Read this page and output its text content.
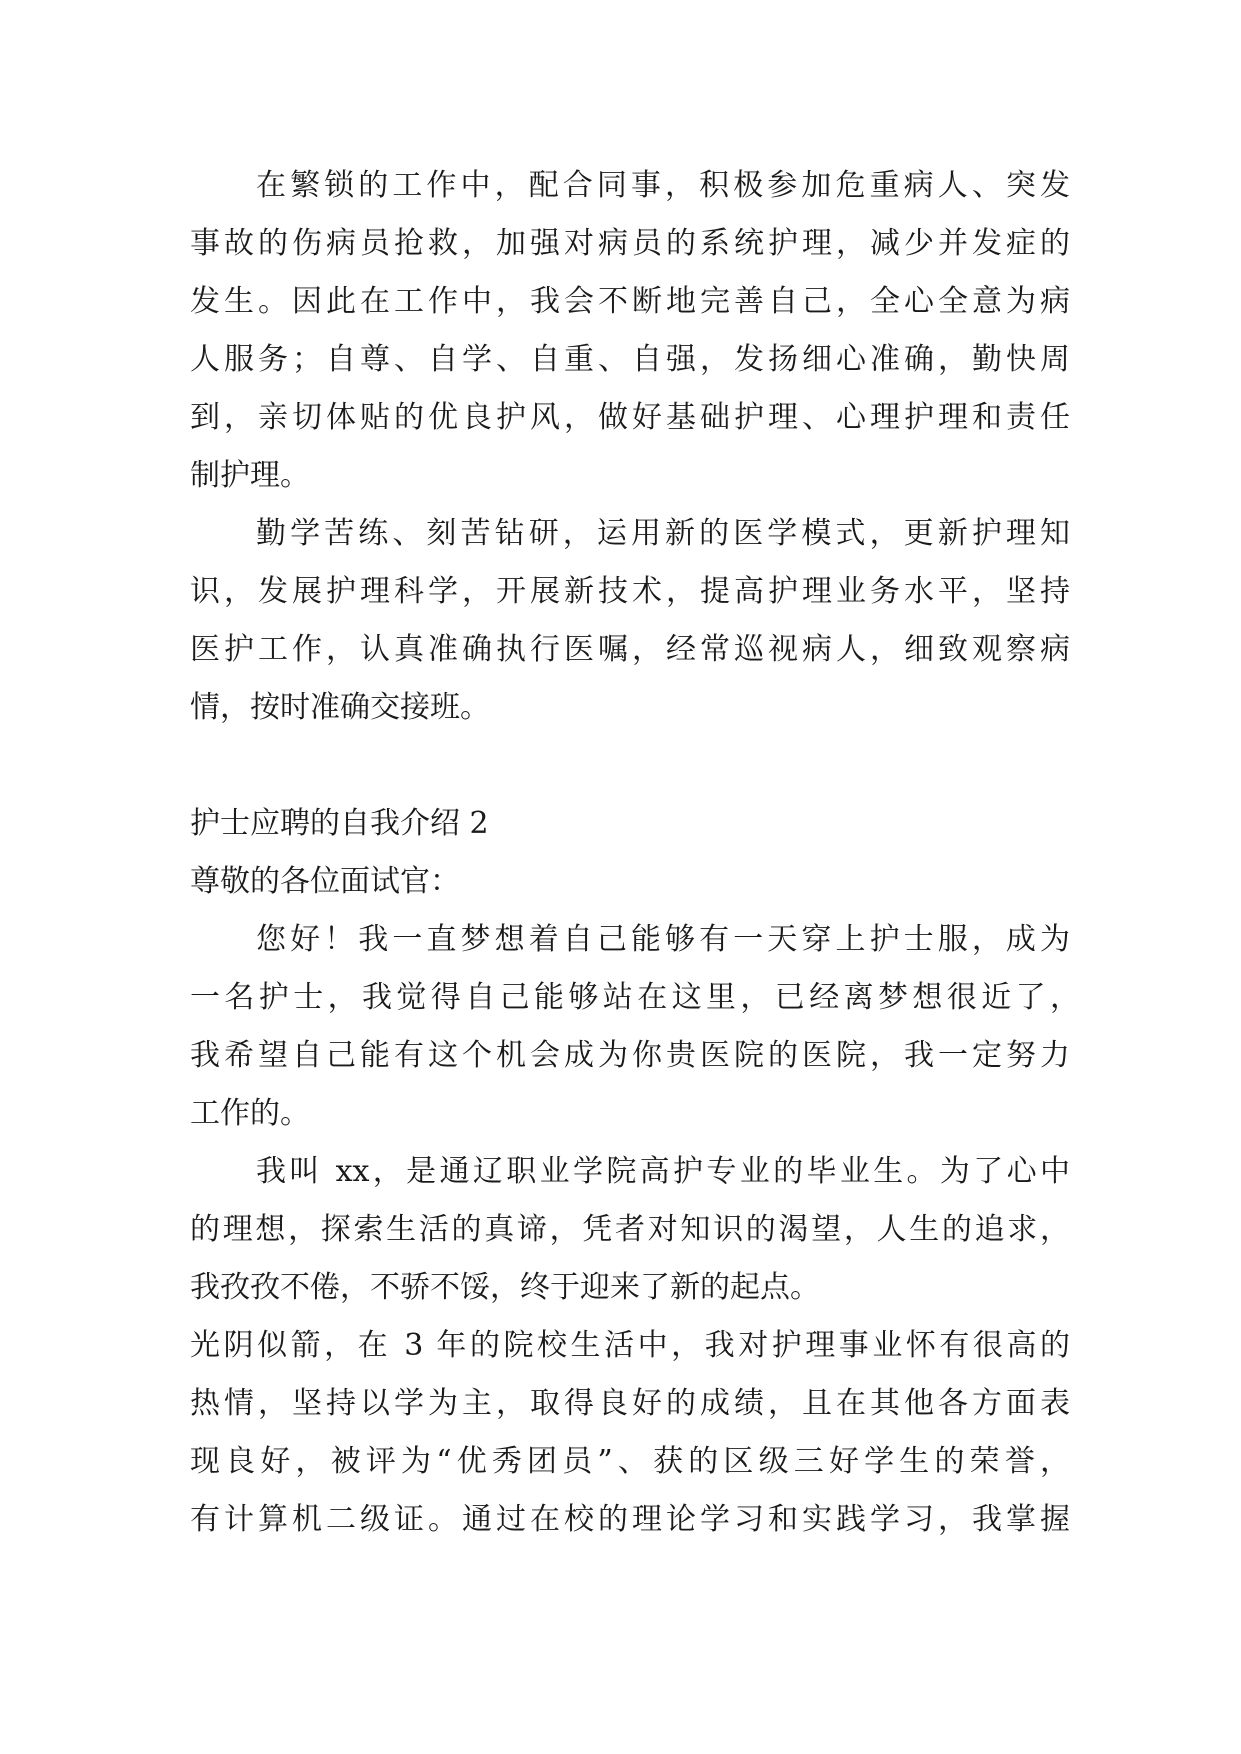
在繁锁的工作中，配合同事，积极参加危重病人、突发

事故的伤病员抢救，加强对病员的系统护理，减少并发症的

发生。因此在工作中，我会不断地完善自己，全心全意为病

人服务；自尊、自学、自重、自强，发扬细心准确，勤快周

到，亲切体贴的优良护风，做好基础护理、心理护理和责任

制护理。

勤学苦练、刻苦钻研，运用新的医学模式，更新护理知

识，发展护理科学，开展新技术，提高护理业务水平，坚持

医护工作，认真准确执行医嘱，经常巡视病人，细致观察病

情，按时准确交接班。

护士应聘的自我介绍 2

尊敬的各位面试官：

您好！我一直梦想着自己能够有一天穿上护士服，成为

一名护士，我觉得自己能够站在这里，已经离梦想很近了，

我希望自己能有这个机会成为你贵医院的医院，我一定努力

工作的。

我叫 xx，是通辽职业学院高护专业的毕业生。为了心中

的理想，探索生活的真谛，凭者对知识的渴望，人生的追求，

我孜孜不倦，不骄不馁，终于迎来了新的起点。

光阴似箭，在 3 年的院校生活中，我对护理事业怀有很高的

热情，坚持以学为主，取得良好的成绩，且在其他各方面表

现良好，被评为“优秀团员”、获的区级三好学生的荣誉，

有计算机二级证。通过在校的理论学习和实践学习，我掌握
